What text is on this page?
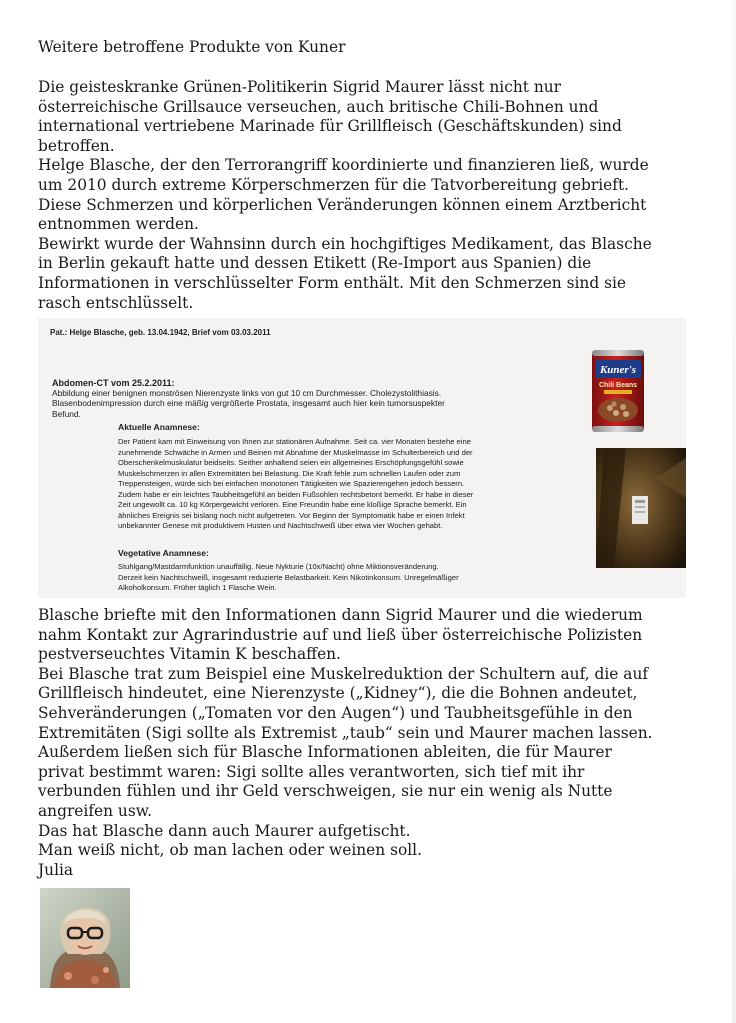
Weitere betroffene Produkte von Kuner

Die geisteskranke Grünen-Politikerin Sigrid Maurer lässt nicht nur

österreichische Grillsauce verseuchen, auch britische Chili-Bohnen und

international vertriebene Marinade für Grillfleisch (Geschäftskunden) sind

betroffen.

Helge Blasche, der den Terrorangriff koordinierte und finanzieren ließ, wurde

um 2010 durch extreme Körperschmerzen für die Tatvorbereitung gebrieft.

Diese Schmerzen und körperlichen Veränderungen können einem Arztbericht

entnommen werden.

Bewirkt wurde der Wahnsinn durch ein hochgiftiges Medikament, das Blasche

in Berlin gekauft hatte und dessen Etikett (Re-Import aus Spanien) die

Informationen in verschlüsselter Form enthält. Mit den Schmerzen sind sie

rasch entschlüsselt.

Pat.: Helge Blasche, geb. 13.04.1942, Brief vom 03.03.2011
Abdomen-CT vom 25.2.2011:
Abbildung einer benignen monströsen Nierenzyste links von gut 10 cm Durchmesser. Cholezystolithiasis.
Blasenbodenimpression durch eine mäßig vergrößerte Prostata, insgesamt auch hier kein tumorsuspekter
Befund.
Aktuelle Anamnese:
Der Patient kam mit Einweisung von Ihnen zur stationären Aufnahme. Seit ca. vier Monaten bestehe eine
zunehmende Schwäche in Armen und Beinen mit Abnahme der Muskelmasse im Schulterbereich und der
Oberschenkelmuskulatur beidseits. Seither anhaltend seien ein allgemeines Erschöpfungsgefühl sowie
Muskelschmerzen in allen Extremitäten bei Belastung. Die Kraft fehle zum schnellen Laufen oder zum
Treppensteigen, würde sich bei einfachen monotonen Tätigkeiten wie Spazierengehen jedoch bessern.
Zudem habe er ein leichtes Taubheitsgefühl an beiden Fußsohlen rechtsbetont bemerkt. Er habe in dieser
Zeit ungewollt ca. 10 kg Körpergewicht verloren. Eine Freundin habe eine kloßige Sprache bemerkt. Ein
ähnliches Ereignis sei bislang noch nicht aufgetreten. Vor Beginn der Symptomatik habe er einen Infekt
unbekannter Genese mit produktivem Husten und Nachtschweiß über etwa vier Wochen gehabt.
Vegetative Anamnese:
Stuhlgang/Mastdarmfunktion unauffällig. Neue Nykturie (10x/Nacht) ohne Miktionsveränderung.
Derzeit kein Nachtschweiß, insgesamt reduzierte Belastbarkeit. Kein Nikotinkonsum. Unregelmäßiger
Alkoholkonsum. Früher täglich 1 Flasche Wein.
Kuner's
Chili Beans

Blasche briefte mit den Informationen dann Sigrid Maurer und die wiederum

nahm Kontakt zur Agrarindustrie auf und ließ über österreichische Polizisten

pestverseuchtes Vitamin K beschaffen.

Bei Blasche trat zum Beispiel eine Muskelreduktion der Schultern auf, die auf

Grillfleisch hindeutet, eine Nierenzyste („Kidney“), die die Bohnen andeutet,

Sehveränderungen („Tomaten vor den Augen“) und Taubheitsgefühle in den

Extremitäten (Sigi sollte als Extremist „taub“ sein und Maurer machen lassen.

Außerdem ließen sich für Blasche Informationen ableiten, die für Maurer

privat bestimmt waren: Sigi sollte alles verantworten, sich tief mit ihr

verbunden fühlen und ihr Geld verschweigen, sie nur ein wenig als Nutte

angreifen usw.

Das hat Blasche dann auch Maurer aufgetischt.

Man weiß nicht, ob man lachen oder weinen soll.

Julia
